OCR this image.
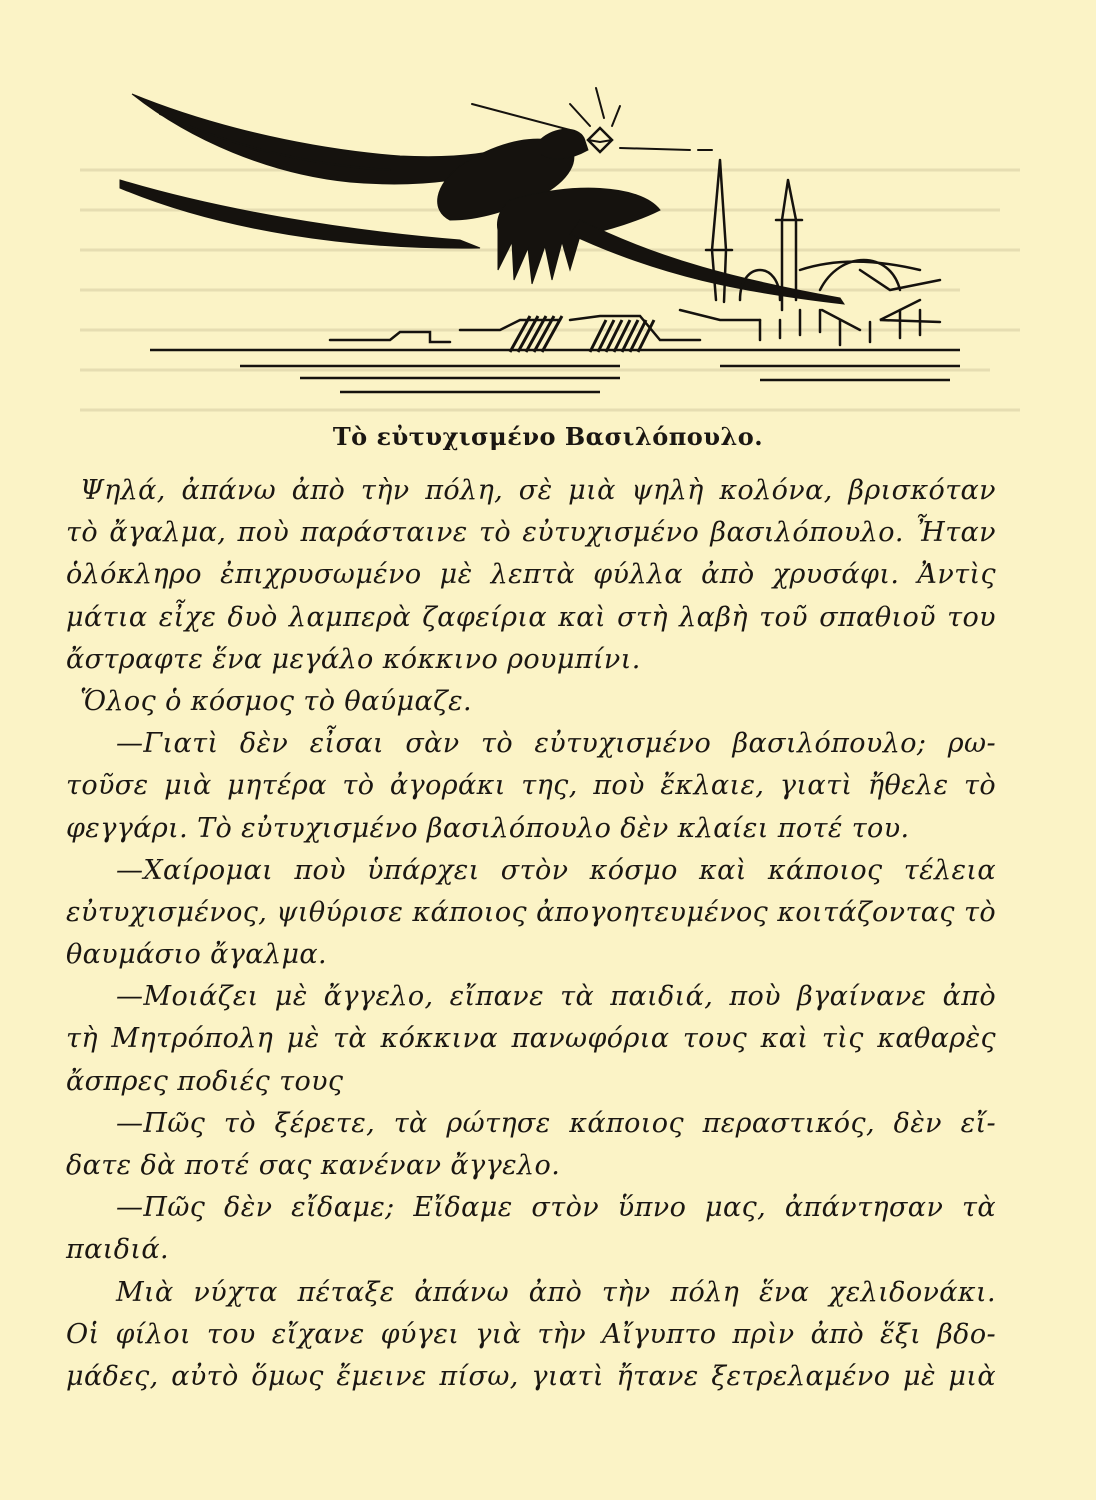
Τὸ εὐτυχισμένο Βασιλόπουλο.
Ψηλά, ἀπάνω ἀπὸ τὴν πόλη, σὲ μιὰ ψηλὴ κολόνα, βρισκόταν
τὸ ἄγαλμα, ποὺ παράσταινε τὸ εὐτυχισμένο βασιλόπουλο. Ἦταν
ὁλόκληρο ἐπιχρυσωμένο μὲ λεπτὰ φύλλα ἀπὸ χρυσάφι. Ἀντὶς
μάτια εἶχε δυὸ λαμπερὰ ζαφείρια καὶ στὴ λαβὴ τοῦ σπαθιοῦ του
ἄστραφτε ἕνα μεγάλο κόκκινο ρουμπίνι.
Ὅλος ὁ κόσμος τὸ θαύμαζε.
—Γιατὶ δὲν εἶσαι σὰν τὸ εὐτυχισμένο βασιλόπουλο; ρω-
τοῦσε μιὰ μητέρα τὸ ἀγοράκι της, ποὺ ἔκλαιε, γιατὶ ἤθελε τὸ
φεγγάρι. Τὸ εὐτυχισμένο βασιλόπουλο δὲν κλαίει ποτέ του.
—Χαίρομαι ποὺ ὑπάρχει στὸν κόσμο καὶ κάποιος τέλεια
εὐτυχισμένος, ψιθύρισε κάποιος ἀπογοητευμένος κοιτάζοντας τὸ
θαυμάσιο ἄγαλμα.
—Μοιάζει μὲ ἄγγελο, εἴπανε τὰ παιδιά, ποὺ βγαίνανε ἀπὸ
τὴ Μητρόπολη μὲ τὰ κόκκινα πανωφόρια τους καὶ τὶς καθαρὲς
ἄσπρες ποδιές τους
—Πῶς τὸ ξέρετε, τὰ ρώτησε κάποιος περαστικός, δὲν εἴ-
δατε δὰ ποτέ σας κανέναν ἄγγελο.
—Πῶς δὲν εἴδαμε; Εἴδαμε στὸν ὕπνο μας, ἀπάντησαν τὰ
παιδιά.
Μιὰ νύχτα πέταξε ἀπάνω ἀπὸ τὴν πόλη ἕνα χελιδονάκι.
Οἱ φίλοι του εἴχανε φύγει γιὰ τὴν Αἴγυπτο πρὶν ἀπὸ ἕξι βδο-
μάδες, αὐτὸ ὅμως ἔμεινε πίσω, γιατὶ ἤτανε ξετρελαμένο μὲ μιὰ
